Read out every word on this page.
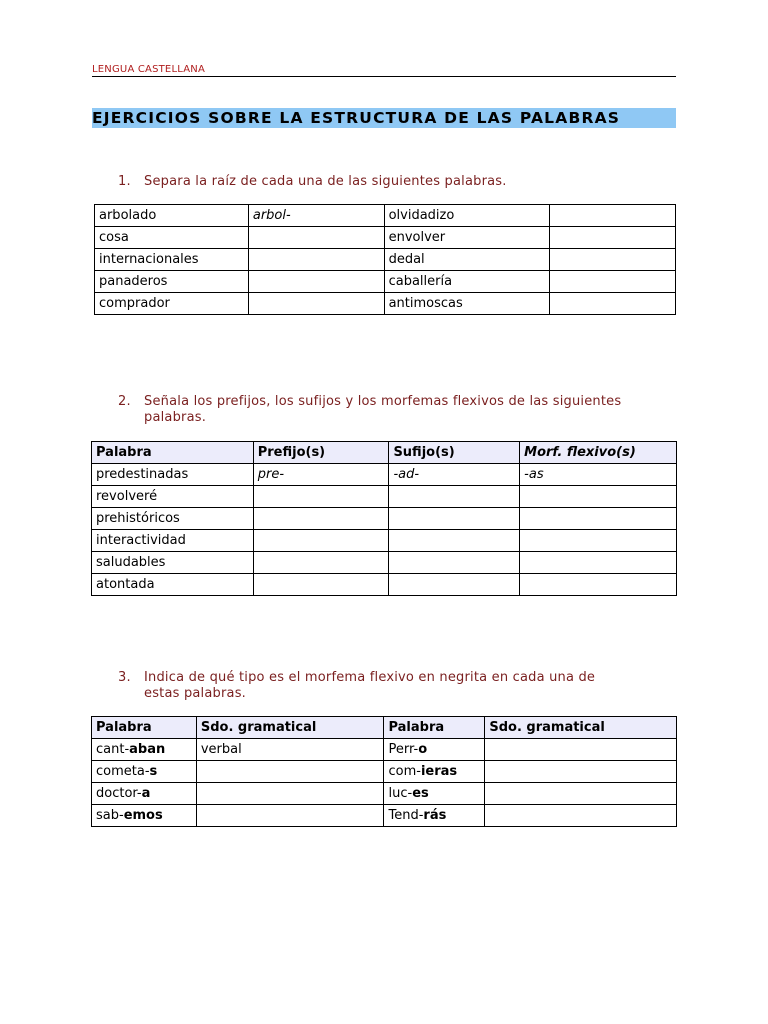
LENGUA CASTELLANA
EJERCICIOS SOBRE LA ESTRUCTURA DE LAS PALABRAS
1. Separa la raíz de cada una de las siguientes palabras.
arbolado	arbol-	olvidadizo	
cosa		envolver	
internacionales		dedal	
panaderos		caballería	
comprador		antimoscas	
2. Señala los prefijos, los sufijos y los morfemas flexivos de las siguientes
palabras.
Palabra	Prefijo(s)	Sufijo(s)	Morf. flexivo(s)
predestinadas	pre-	-ad-	-as
revolveré			
prehistóricos			
interactividad			
saludables			
atontada			
3. Indica de qué tipo es el morfema flexivo en negrita en cada una de
estas palabras.
Palabra	Sdo. gramatical	Palabra	Sdo. gramatical
cant-aban	verbal	Perr-o	
cometa-s		com-ieras	
doctor-a		luc-es	
sab-emos		Tend-rás	
